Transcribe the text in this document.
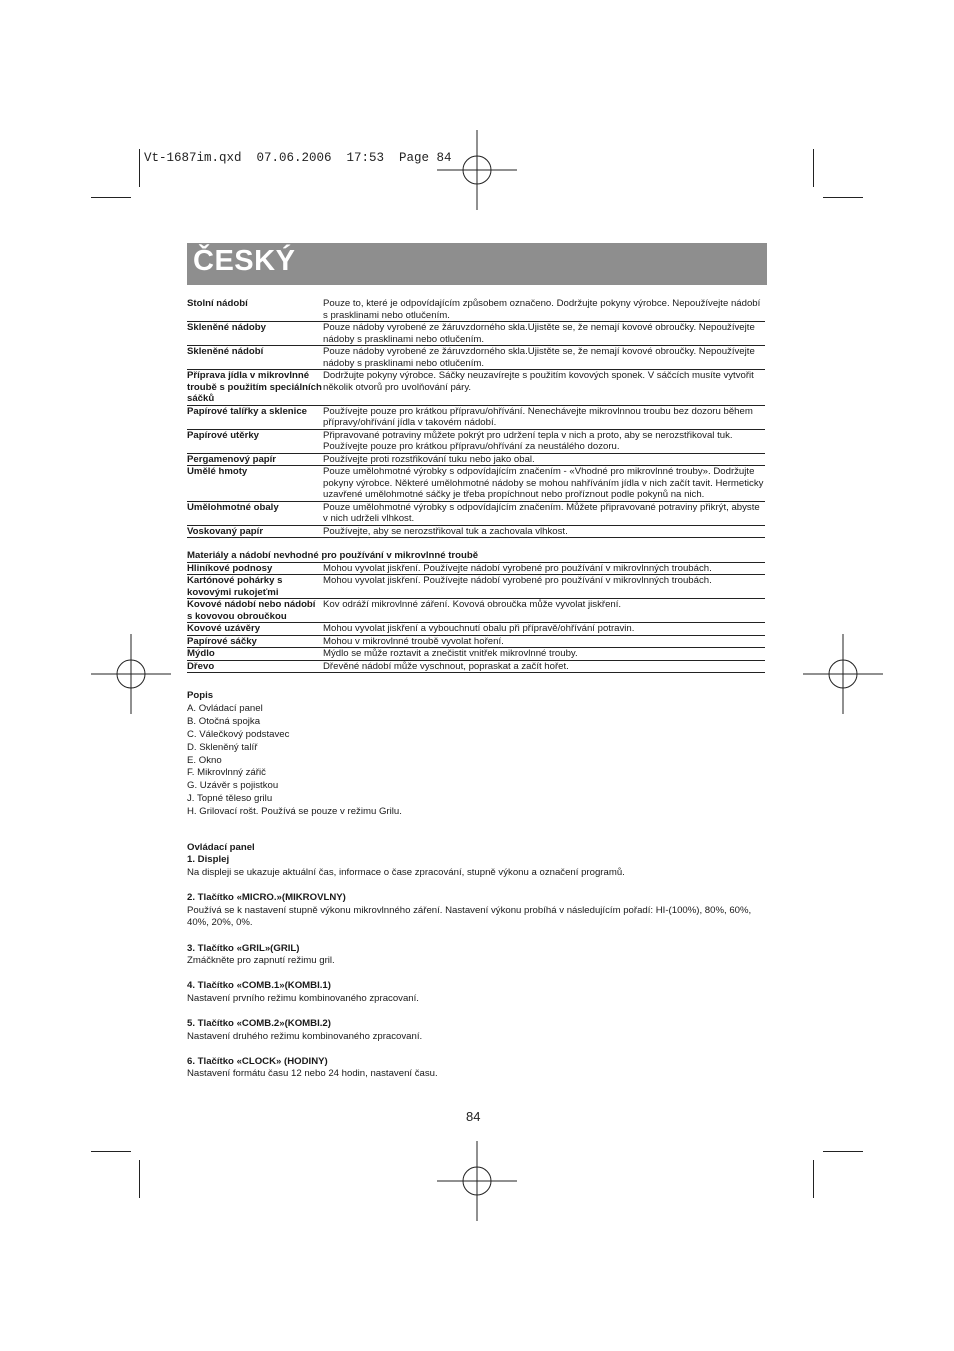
Vt-1687im.qxd  07.06.2006  17:53  Page 84
ČESKÝ
Stolní nádobí	Pouze to, které je odpovídajícím způsobem označeno. Dodržujte pokyny výrobce. Nepoužívejte nádobí s prasklinami nebo otlučením.
Skleněné nádoby	Pouze nádoby vyrobené ze žáruvzdorného skla.Ujistěte se, že nemají kovové obroučky. Nepoužívejte nádoby s prasklinami nebo otlučením.
Skleněné nádobí	Pouze nádoby vyrobené ze žáruvzdorného skla.Ujistěte se, že nemají kovové obroučky. Nepoužívejte nádoby s prasklinami nebo otlučením.
Příprava jídla v mikrovlnné troubě s použitím speciálních sáčků	Dodržujte pokyny výrobce. Sáčky neuzavírejte s použitím kovových sponek. V sáčcích musíte vytvořit několik otvorů pro uvolňování páry.
Papírové talířky a sklenice	Používejte pouze pro krátkou přípravu/ohřívání. Nenechávejte mikrovlnnou troubu bez dozoru během přípravy/ohřívání jídla v takovém nádobí.
Papírové utěrky	Připravované potraviny můžete pokrýt pro udržení tepla v nich a proto, aby se nerozstřikoval tuk. Používejte pouze pro krátkou přípravu/ohřívání za neustálého dozoru.
Pergamenový papír	Používejte proti rozstřikování tuku nebo jako obal.
Umělé hmoty	Pouze umělohmotné výrobky s odpovídajícím značením - «Vhodné pro mikrovlnné trouby». Dodržujte pokyny výrobce. Některé umělohmotné nádoby se mohou nahříváním jídla v nich začít tavit. Hermeticky uzavřené umělohmotné sáčky je třeba propíchnout nebo proříznout podle pokynů na nich.
Umělohmotné obaly	Pouze umělohmotné výrobky s odpovídajícím značením. Můžete připravované potraviny přikrýt, abyste v nich udrželi vlhkost.
Voskovaný papír	Používejte, aby se nerozstřikoval tuk a zachovala vlhkost.
Materiály a nádobí nevhodné pro používání v mikrovlnné troubě
Hliníkové podnosy	Mohou vyvolat jiskření. Používejte nádobí vyrobené pro používání v mikrovlnných troubách.
Kartónové pohárky s kovovými rukojeťmi	Mohou vyvolat jiskření. Používejte nádobí vyrobené pro používání v mikrovlnných troubách.
Kovové nádobí nebo nádobí s kovovou obroučkou	Kov odráží mikrovlnné záření. Kovová obroučka může vyvolat jiskření.
Kovové uzávěry	Mohou vyvolat jiskření a vybouchnutí obalu při přípravě/ohřívání potravin.
Papírové sáčky	Mohou v mikrovlnné troubě vyvolat hoření.
Mýdlo	Mýdlo se může roztavit a znečistit vnitřek mikrovlnné trouby.
Dřevo	Dřevěné nádobí může vyschnout, popraskat a začít hořet.
Popis
A. Ovládací panel
B. Otočná spojka
C. Válečkový podstavec
D. Skleněný talíř
E. Okno
F. Mikrovlnný zářič
G. Uzávěr s pojistkou
J. Topné těleso grilu
H. Grilovací rošt. Používá se pouze v režimu Grilu.
Ovládací panel
1. Displej
Na displeji se ukazuje aktuální čas, informace o čase zpracování, stupně výkonu a označení programů.
2. Tlačítko «MICRO.»(MIKROVLNY)
Používá se k nastavení stupně výkonu mikrovlnného záření. Nastavení výkonu probíhá v následujícím pořadí: HI-(100%), 80%, 60%, 40%, 20%, 0%.
3. Tlačítko «GRIL»(GRIL)
Zmáčkněte pro zapnutí režimu gril.
4. Tlačítko «COMB.1»(KOMBI.1)
Nastavení prvního režimu kombinovaného zpracovaní.
5. Tlačítko «COMB.2»(KOMBI.2)
Nastavení druhého režimu kombinovaného zpracovaní.
6. Tlačítko «CLOCK» (HODINY)
Nastavení formátu času 12 nebo 24 hodin, nastavení času.
84
